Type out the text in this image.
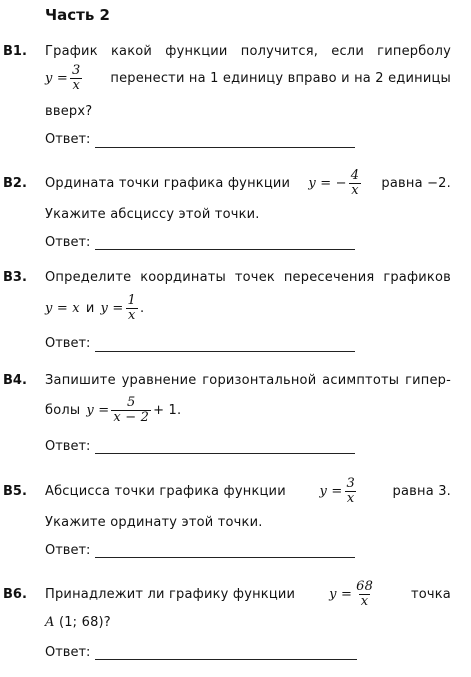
Часть 2
B1. График какой функции получится, если гиперболу
$y = \frac{3}{x}$ перенести на 1 единицу вправо и на 2 единицы
вверх?
Ответ:
B2. Ордината точки графика функции y = − $\frac{4}{x}$ равна −2.
Укажите абсциссу этой точки.
Ответ:
B3. Определите координаты точек пересечения графиков
y = x и $y = \frac{1}{x}$ .
Ответ:
B4. Запишите уравнение горизонтальной асимптоты гипер-
болы $y = \frac{5}{x - 2} + 1$.
Ответ:
B5. Абсцисса точки графика функции	$y = \frac{3}{x}$	равна 3.
Укажите ординату этой точки.
Ответ:
B6. Принадлежит ли графику функции	$y = \frac{68}{x}$	точка
A (1; 68)?
Ответ:
